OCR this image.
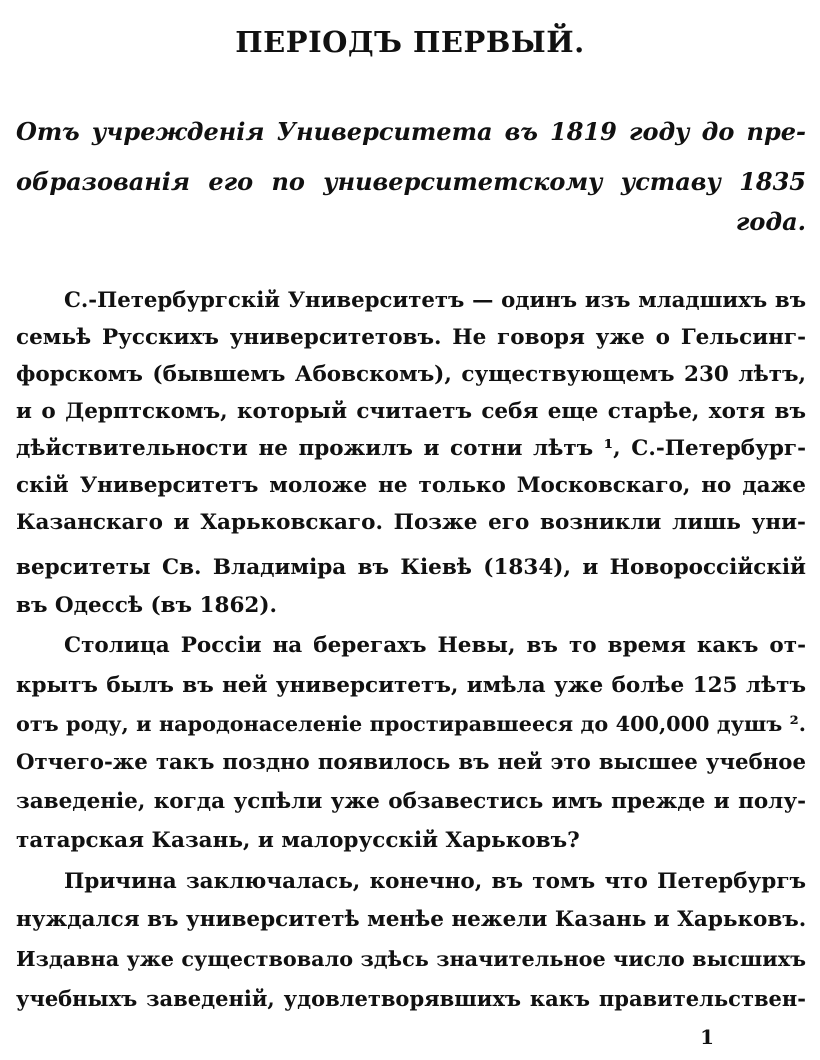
ПЕРІОДЪ ПЕРВЫЙ.
Отъ учрежденія Университета въ 1819 году до пре-
образованія его по университетскому уставу 1835 года.
С.-Петербургскій Университетъ — одинъ изъ младшихъ въ
семьѣ Русскихъ университетовъ. Не говоря уже о Гельсинг-
форскомъ (бывшемъ Абовскомъ), существующемъ 230 лѣтъ,
и о Дерптскомъ, который считаетъ себя еще старѣе, хотя въ
дѣйствительности не прожилъ и сотни лѣтъ ¹, С.-Петербург-
скій Университетъ моложе не только Московскаго, но даже
Казанскаго и Харьковскаго. Позже его возникли лишь уни-
верситеты Св. Владиміра въ Кіевѣ (1834), и Новороссійскій
въ Одессѣ (въ 1862).
Столица Россіи на берегахъ Невы, въ то время какъ от-
крытъ былъ въ ней университетъ, имѣла уже болѣе 125 лѣтъ
отъ роду, и народонаселеніе простиравшееся до 400,000 душъ ².
Отчего-же такъ поздно появилось въ ней это высшее учебное
заведеніе, когда успѣли уже обзавестись имъ прежде и полу-
татарская Казань, и малорусскій Харьковъ?
Причина заключалась, конечно, въ томъ что Петербургъ
нуждался въ университетѣ менѣе нежели Казань и Харьковъ.
Издавна уже существовало здѣсь значительное число высшихъ
учебныхъ заведеній, удовлетворявшихъ какъ правительствен-
1
